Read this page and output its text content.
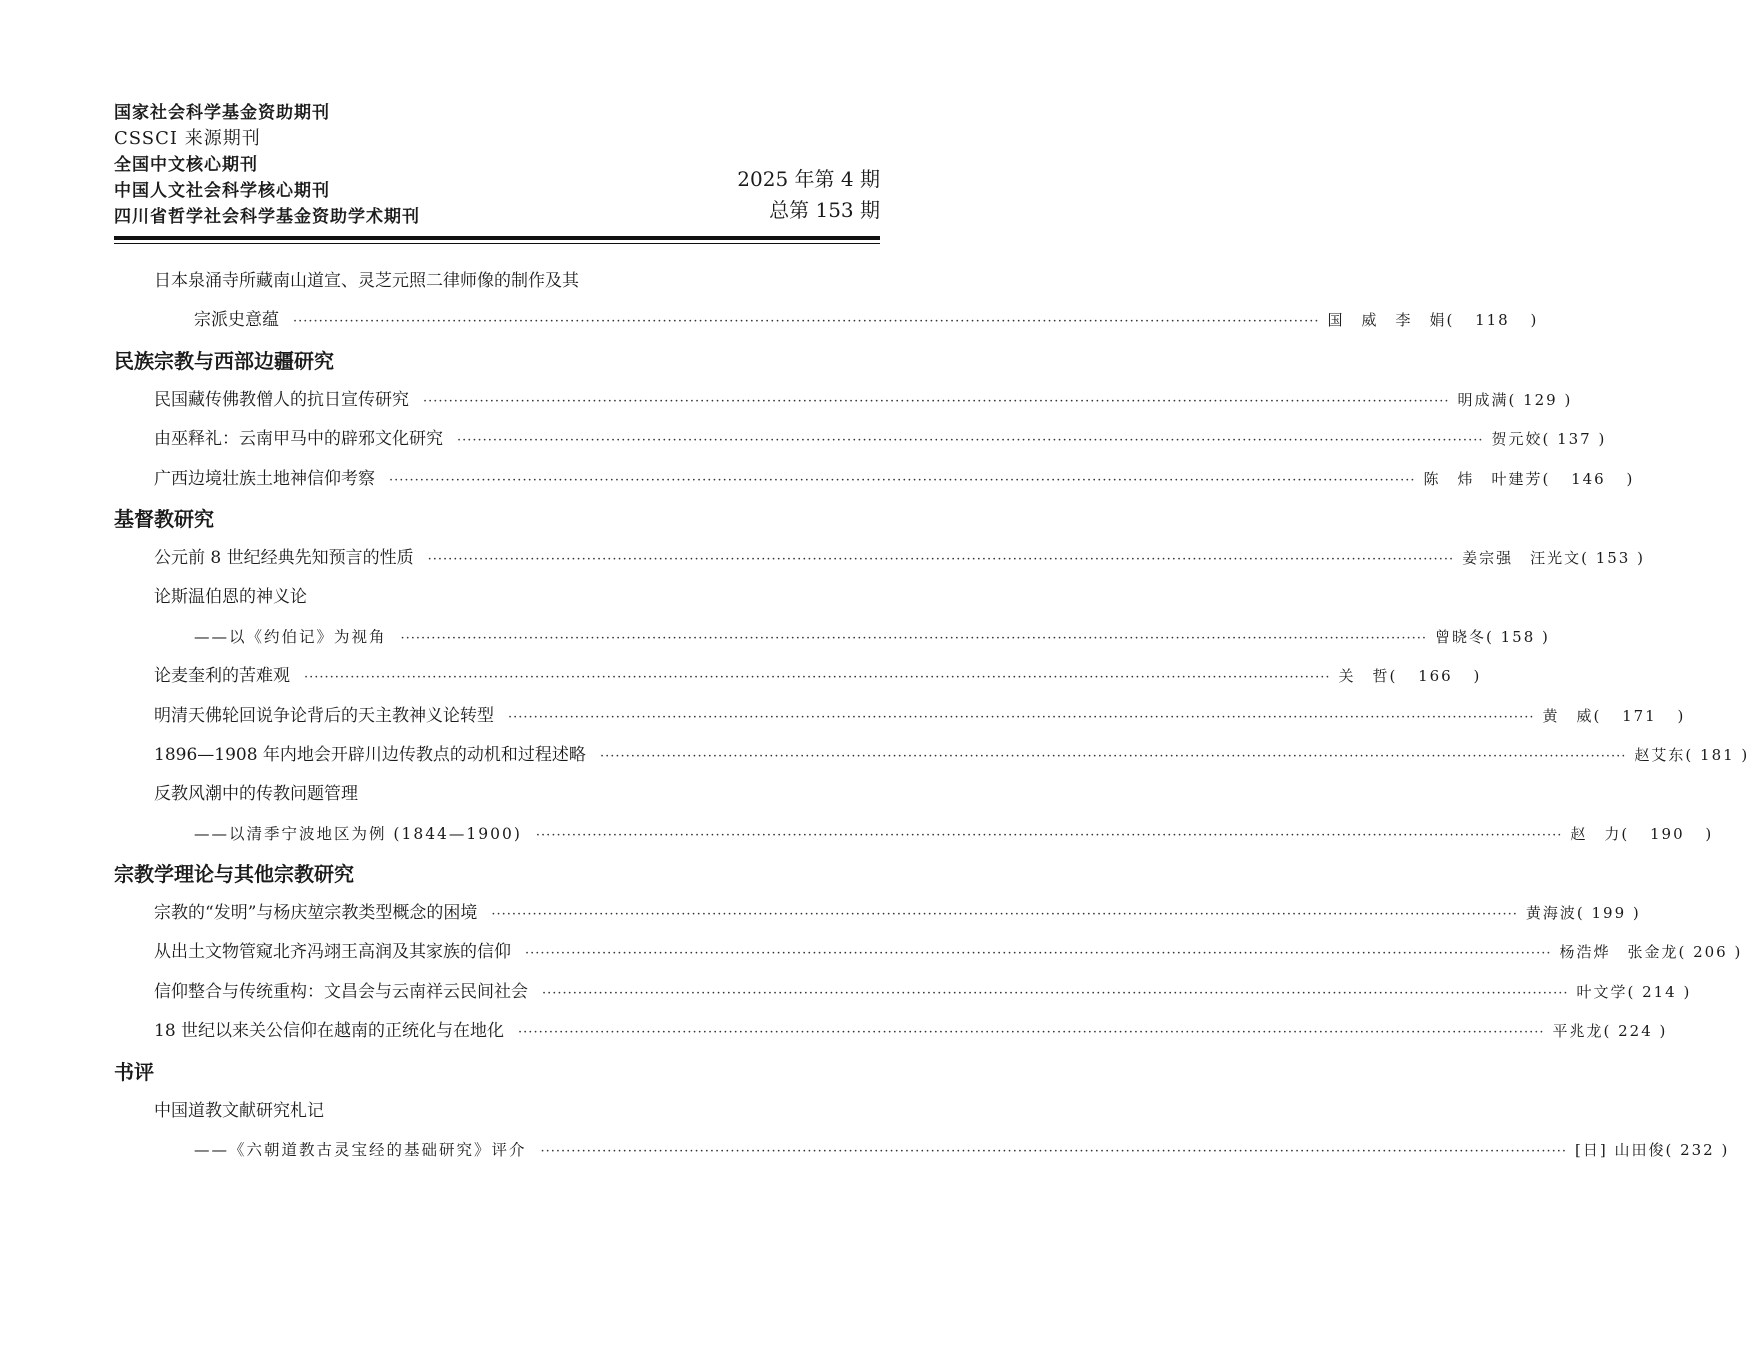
国家社会科学基金资助期刊
CSSCI 来源期刊
全国中文核心期刊
中国人文社会科学核心期刊
四川省哲学社会科学基金资助学术期刊
2025 年第 4 期
总第 153 期
日本泉涌寺所藏南山道宣、灵芝元照二律师像的制作及其
宗派史意蕴 ········································································································································································································ 国　威　李　娟( 118 )
民族宗教与西部边疆研究
民国藏传佛教僧人的抗日宣传研究 ········································································································································································································ 明成满( 129 )
由巫释礼：云南甲马中的辟邪文化研究 ········································································································································································································ 贺元姣( 137 )
广西边境壮族土地神信仰考察 ········································································································································································································ 陈　炜　叶建芳( 146 )
基督教研究
公元前 8 世纪经典先知预言的性质 ········································································································································································································ 姜宗强　汪光文( 153 )
论斯温伯恩的神义论
——以《约伯记》为视角 ········································································································································································································ 曾晓冬( 158 )
论麦奎利的苦难观 ········································································································································································································ 关　哲( 166 )
明清天佛轮回说争论背后的天主教神义论转型 ········································································································································································································ 黄　威( 171 )
1896—1908 年内地会开辟川边传教点的动机和过程述略 ········································································································································································································ 赵艾东( 181 )
反教风潮中的传教问题管理
——以清季宁波地区为例 (1844—1900) ········································································································································································································ 赵　力( 190 )
宗教学理论与其他宗教研究
宗教的“发明”与杨庆堃宗教类型概念的困境 ········································································································································································································ 黄海波( 199 )
从出土文物管窥北齐冯翊王高润及其家族的信仰 ········································································································································································································ 杨浩烨　张金龙( 206 )
信仰整合与传统重构：文昌会与云南祥云民间社会 ········································································································································································································ 叶文学( 214 )
18 世纪以来关公信仰在越南的正统化与在地化 ········································································································································································································ 平兆龙( 224 )
书评
中国道教文献研究札记
——《六朝道教古灵宝经的基础研究》评介 ········································································································································································································ [日] 山田俊( 232 )
